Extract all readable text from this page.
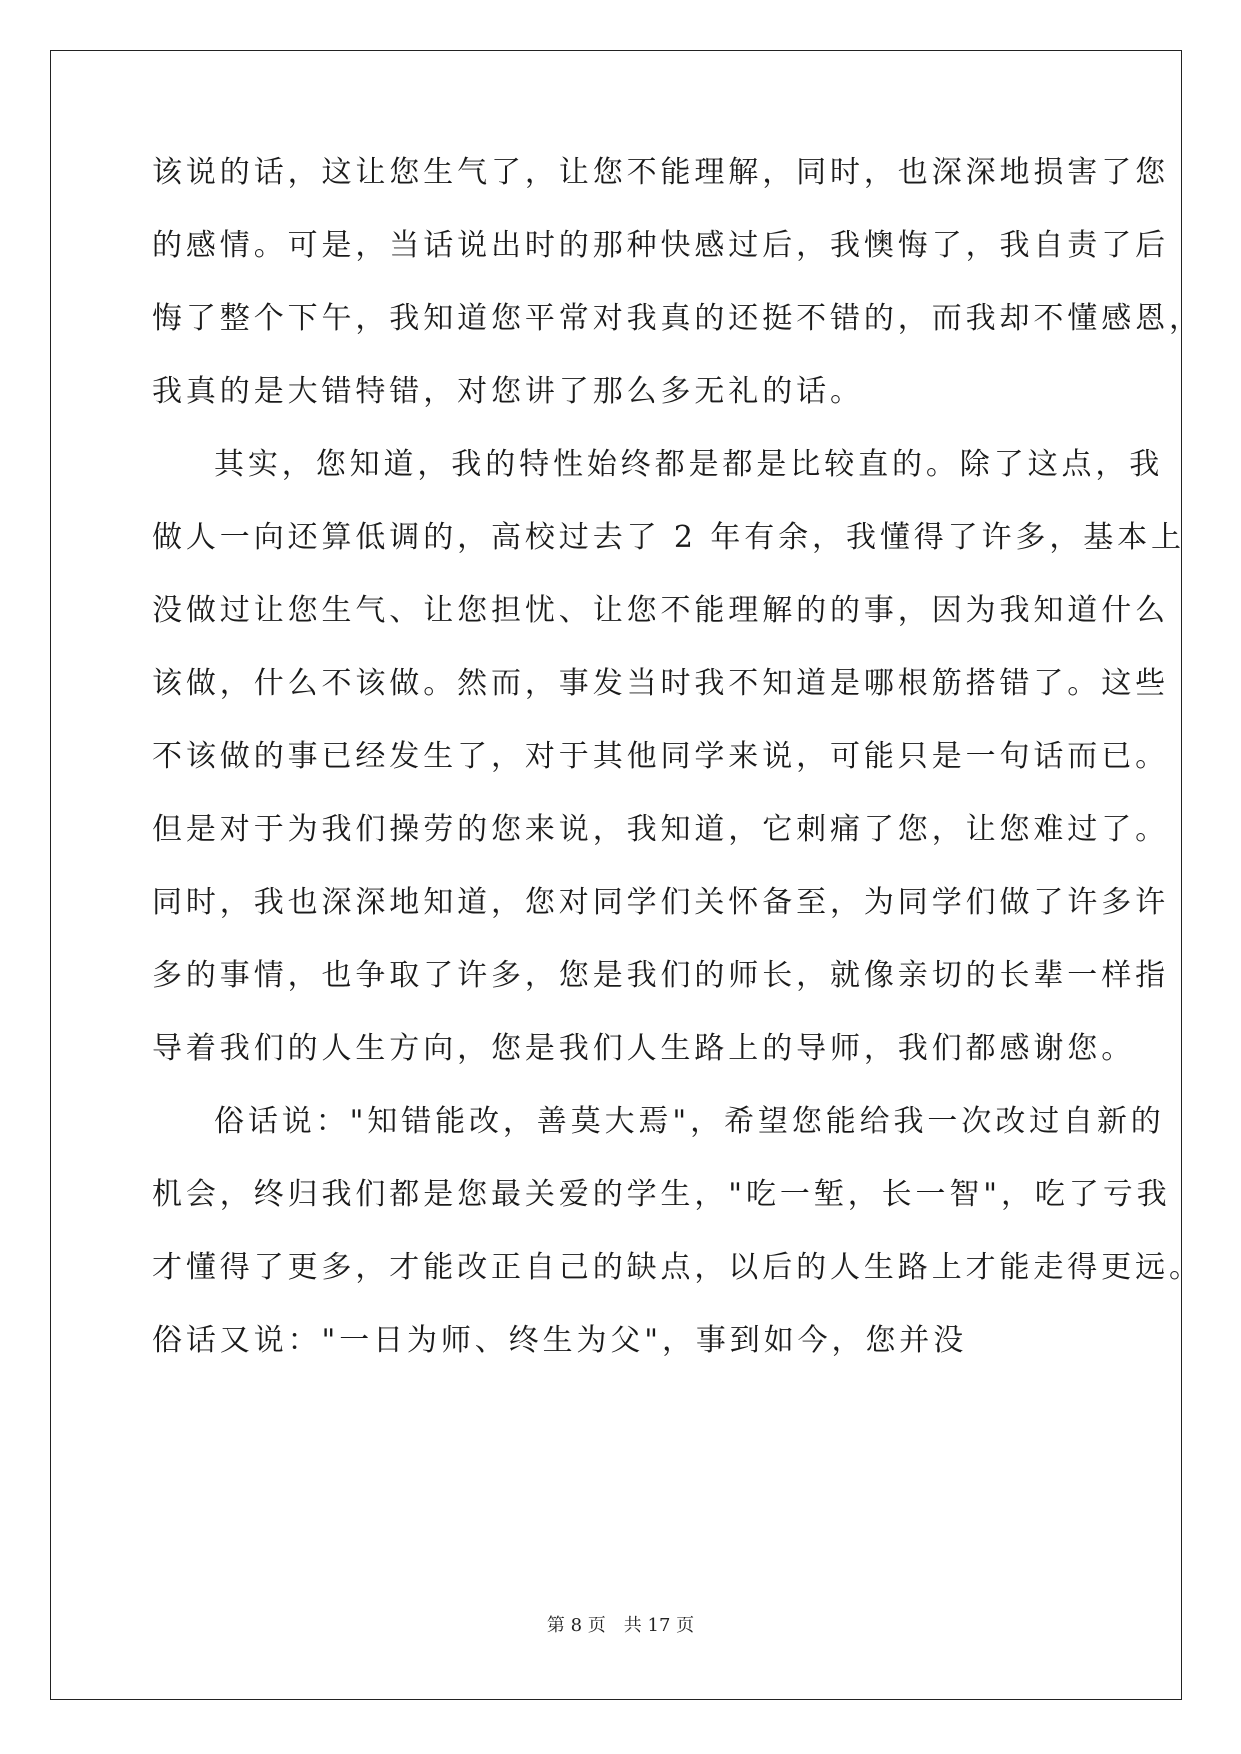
该说的话，这让您生气了，让您不能理解，同时，也深深地损害了您
的感情。可是，当话说出时的那种快感过后，我懊悔了，我自责了后
悔了整个下午，我知道您平常对我真的还挺不错的，而我却不懂感恩，
我真的是大错特错，对您讲了那么多无礼的话。
其实，您知道，我的特性始终都是都是比较直的。除了这点，我
做人一向还算低调的，高校过去了 2 年有余，我懂得了许多，基本上
没做过让您生气、让您担忧、让您不能理解的的事，因为我知道什么
该做，什么不该做。然而，事发当时我不知道是哪根筋搭错了。这些
不该做的事已经发生了，对于其他同学来说，可能只是一句话而已。
但是对于为我们操劳的您来说，我知道，它刺痛了您，让您难过了。
同时，我也深深地知道，您对同学们关怀备至，为同学们做了许多许
多的事情，也争取了许多，您是我们的师长，就像亲切的长辈一样指
导着我们的人生方向，您是我们人生路上的导师，我们都感谢您。
俗话说："知错能改，善莫大焉"，希望您能给我一次改过自新的
机会，终归我们都是您最关爱的学生，"吃一堑，长一智"，吃了亏我
才懂得了更多，才能改正自己的缺点，以后的人生路上才能走得更远。
俗话又说："一日为师、终生为父"，事到如今，您并没
第 8 页 共 17 页
